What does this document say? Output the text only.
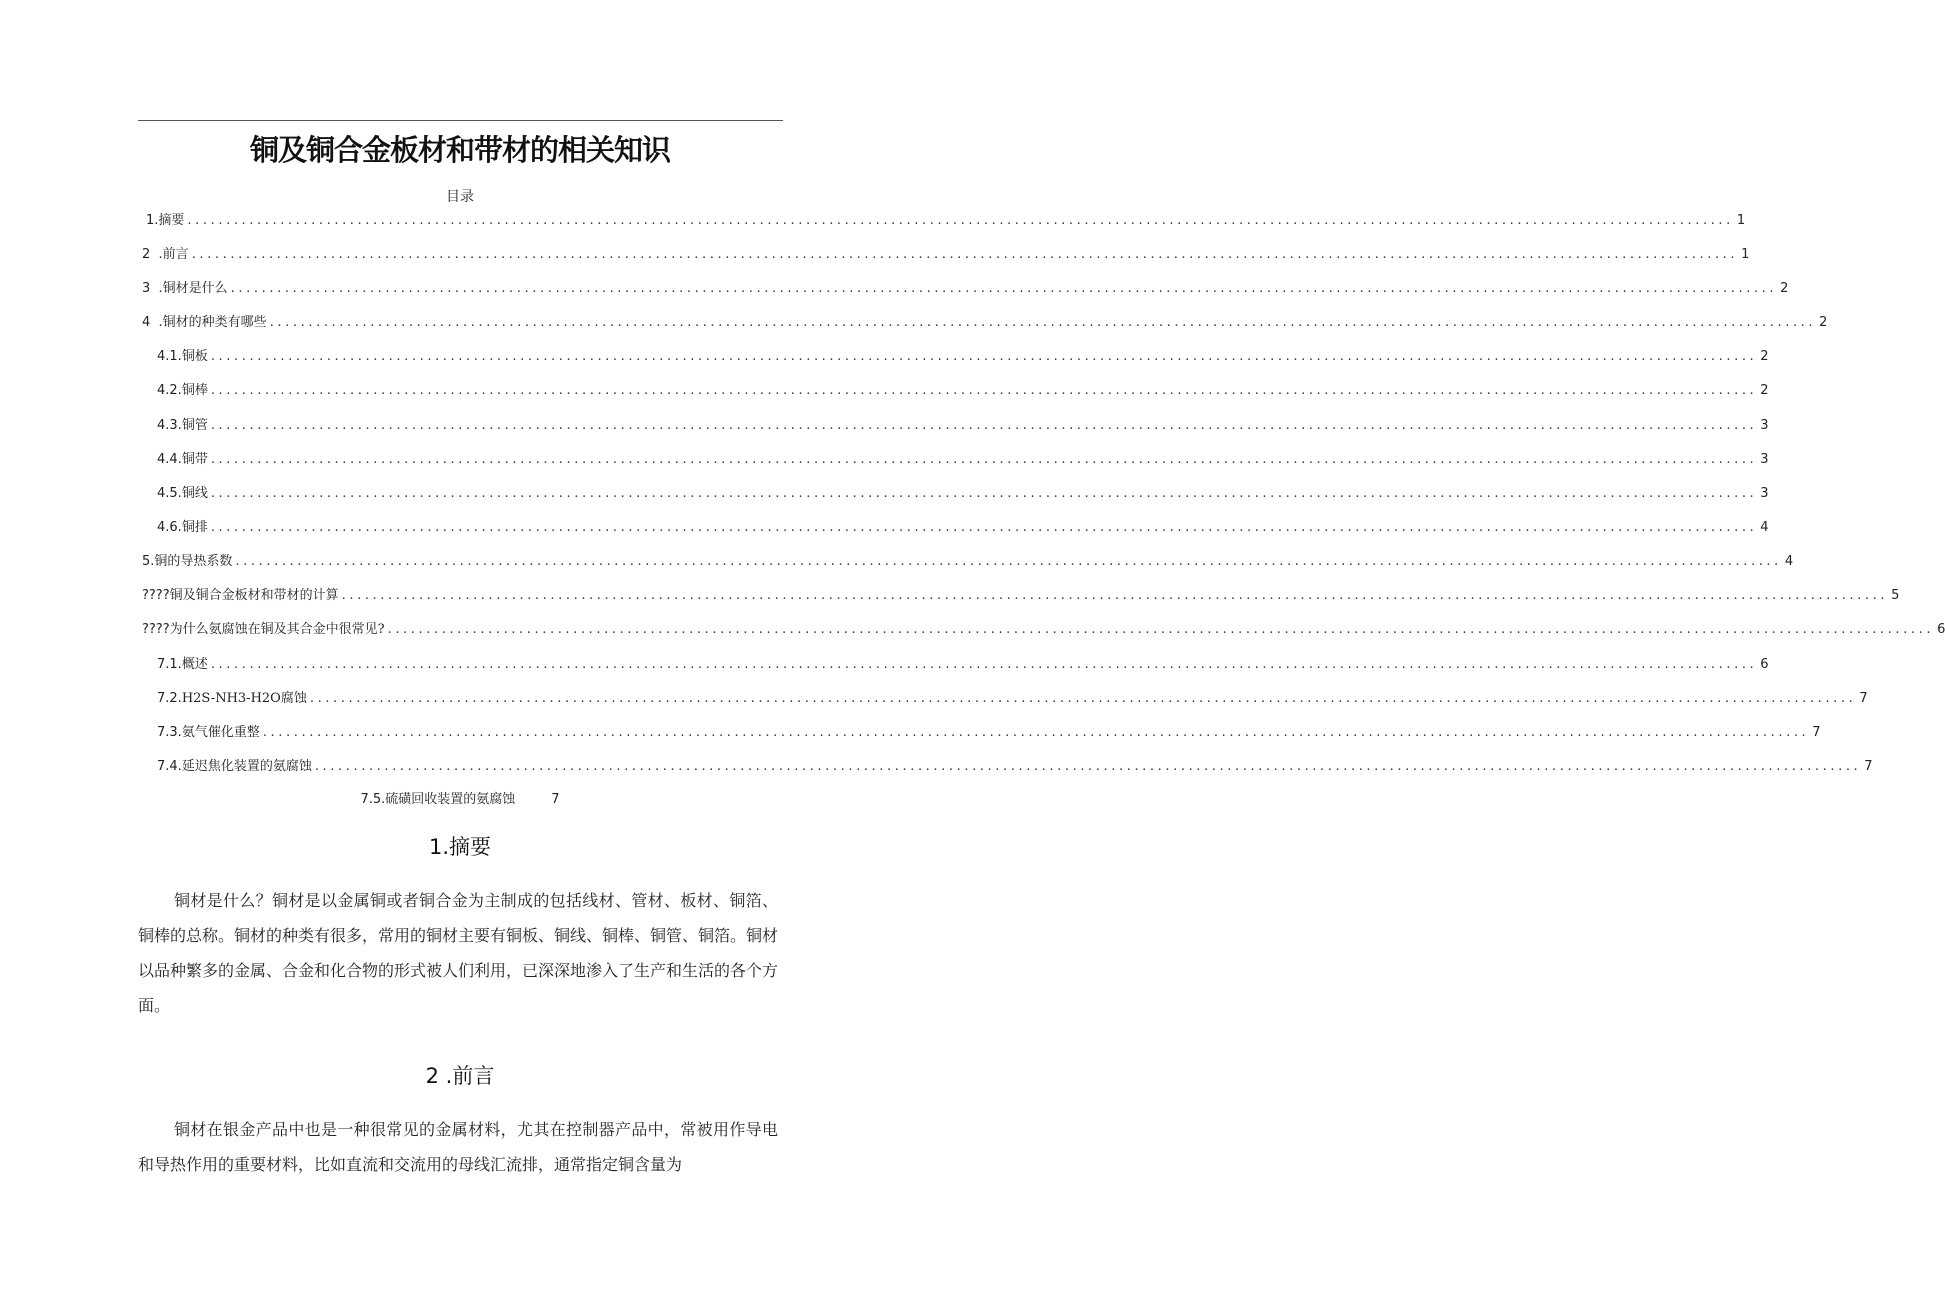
铜及铜合金板材和带材的相关知识
目录
1.摘要 ........................................................................................................................................................................................................ 1
2  .前言 ........................................................................................................................................................................................................ 1
3  .铜材是什么 ........................................................................................................................................................................................................ 2
4  .铜材的种类有哪些 ........................................................................................................................................................................................................ 2
4.1.铜板 ........................................................................................................................................................................................................ 2
4.2.铜棒 ........................................................................................................................................................................................................ 2
4.3.铜管 ........................................................................................................................................................................................................ 3
4.4.铜带 ........................................................................................................................................................................................................ 3
4.5.铜线 ........................................................................................................................................................................................................ 3
4.6.铜排 ........................................................................................................................................................................................................ 4
5.铜的导热系数 ........................................................................................................................................................................................................ 4
????铜及铜合金板材和带材的计算 ........................................................................................................................................................................................................ 5
????为什么氨腐蚀在铜及其合金中很常见? ........................................................................................................................................................................................................ 6
7.1.概述 ........................................................................................................................................................................................................ 6
7.2.H2S-NH3-H2O腐蚀 ........................................................................................................................................................................................................ 7
7.3.氨气催化重整 ........................................................................................................................................................................................................ 7
7.4.延迟焦化装置的氨腐蚀 ........................................................................................................................................................................................................ 7
7.5.硫磺回收装置的氨腐蚀	7
1.摘要

铜材是什么？铜材是以金属铜或者铜合金为主制成的包括线材、管材、板材、铜箔、铜棒的总称。铜材的种类有很多，常用的铜材主要有铜板、铜线、铜棒、铜管、铜箔。铜材以品种繁多的金属、合金和化合物的形式被人们利用，已深深地渗入了生产和生活的各个方面。

2 .前言

铜材在银金产品中也是一种很常见的金属材料，尤其在控制器产品中，常被用作导电和导热作用的重要材料，比如直流和交流用的母线汇流排，通常指定铜含量为
